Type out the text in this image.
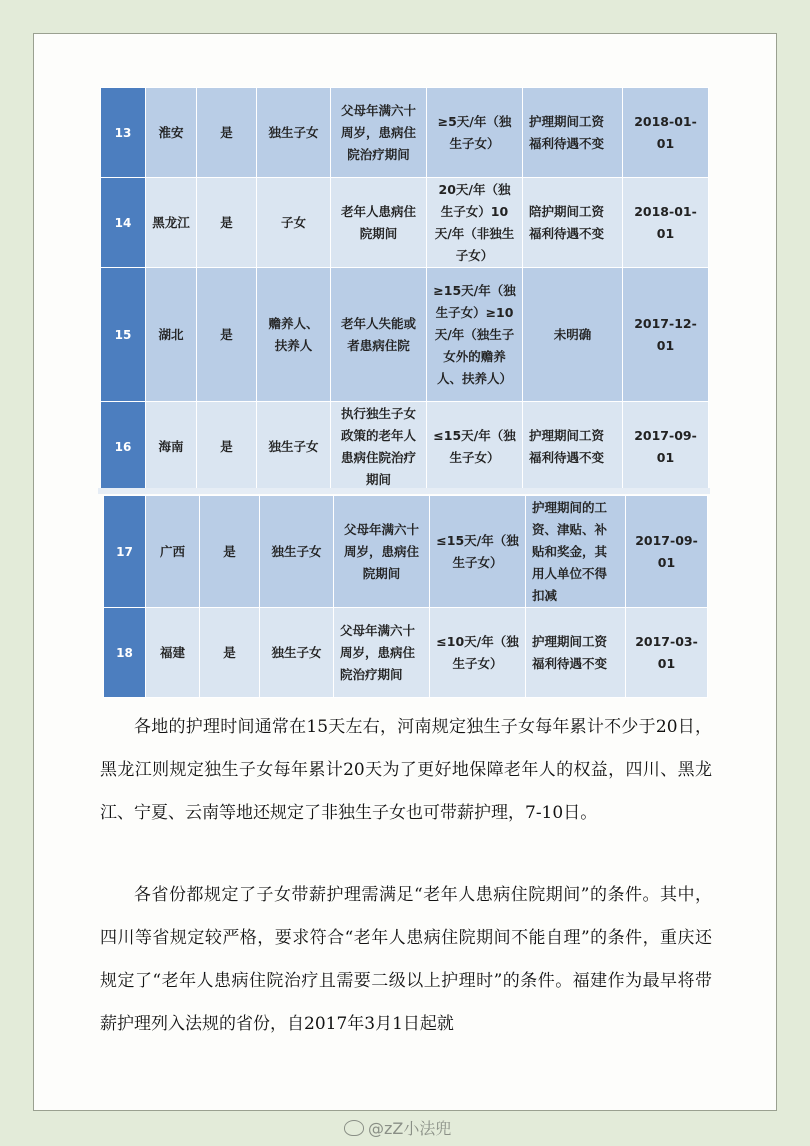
13	淮安	是	独生子女	父母年满六十周岁，患病住院治疗期间	≥5天/年（独生子女）	护理期间工资福利待遇不变	2018-01-01
14	黑龙江	是	子女	老年人患病住院期间	20天/年（独生子女）10天/年（非独生子女）	陪护期间工资福利待遇不变	2018-01-01
15	湖北	是	赡养人、扶养人	老年人失能或者患病住院	≥15天/年（独生子女）≥10天/年（独生子女外的赡养人、扶养人）	未明确	2017-12-01
16	海南	是	独生子女	执行独生子女政策的老年人患病住院治疗期间	≤15天/年（独生子女）	护理期间工资福利待遇不变	2017-09-01
17	广西	是	独生子女	父母年满六十周岁，患病住院期间	≤15天/年（独生子女）	护理期间的工资、津贴、补贴和奖金，其用人单位不得扣减	2017-09-01
18	福建	是	独生子女	父母年满六十周岁，患病住院治疗期间	≤10天/年（独生子女）	护理期间工资福利待遇不变	2017-03-01

各地的护理时间通常在15天左右，河南规定独生子女每年累计不少于20日，黑龙江则规定独生子女每年累计20天为了更好地保障老年人的权益，四川、黑龙江、宁夏、云南等地还规定了非独生子女也可带薪护理，7-10日。

各省份都规定了子女带薪护理需满足“老年人患病住院期间”的条件。其中，四川等省规定较严格，要求符合“老年人患病住院期间不能自理”的条件，重庆还规定了“老年人患病住院治疗且需要二级以上护理时”的条件。福建作为最早将带薪护理列入法规的省份，自2017年3月1日起就

@zZ小法兜
